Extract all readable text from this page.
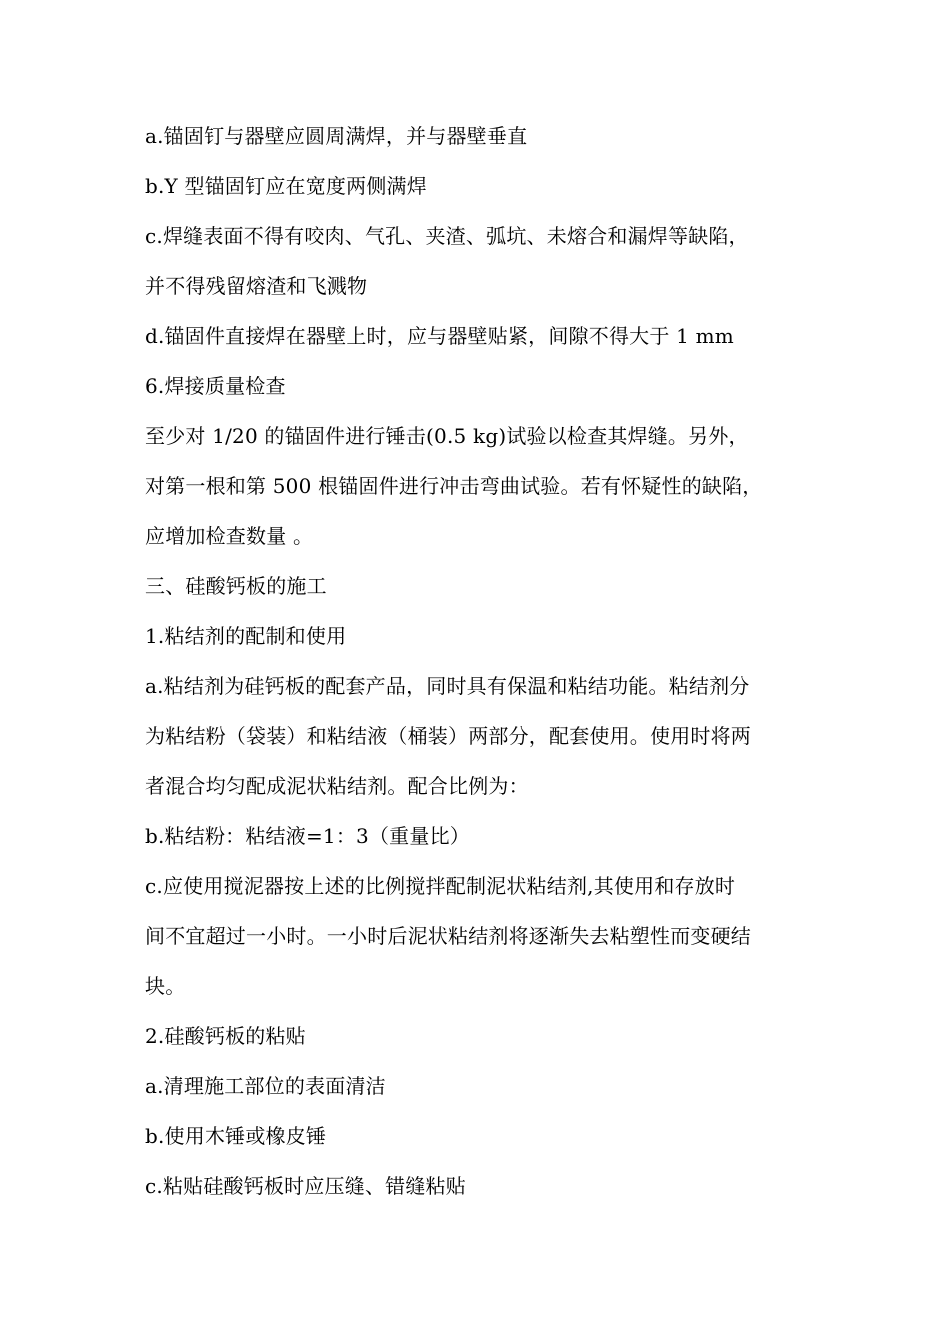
a.锚固钉与器壁应圆周满焊，并与器壁垂直

b.Y 型锚固钉应在宽度两侧满焊

c.焊缝表面不得有咬肉、气孔、夹渣、弧坑、未熔合和漏焊等缺陷，

并不得残留熔渣和飞溅物

d.锚固件直接焊在器壁上时，应与器壁贴紧，间隙不得大于 1 mm

6.焊接质量检查

至少对 1/20 的锚固件进行锤击(0.5 kg)试验以检查其焊缝。另外，

对第一根和第 500 根锚固件进行冲击弯曲试验。若有怀疑性的缺陷，

应增加检查数量 。

三、硅酸钙板的施工

1.粘结剂的配制和使用

a.粘结剂为硅钙板的配套产品，同时具有保温和粘结功能。粘结剂分

为粘结粉（袋装）和粘结液（桶装）两部分，配套使用。使用时将两

者混合均匀配成泥状粘结剂。配合比例为：

b.粘结粉：粘结液=1：3（重量比）

c.应使用搅泥器按上述的比例搅拌配制泥状粘结剂,其使用和存放时

间不宜超过一小时。一小时后泥状粘结剂将逐渐失去粘塑性而变硬结

块。

2.硅酸钙板的粘贴

a.清理施工部位的表面清洁

b.使用木锤或橡皮锤

c.粘贴硅酸钙板时应压缝、错缝粘贴
